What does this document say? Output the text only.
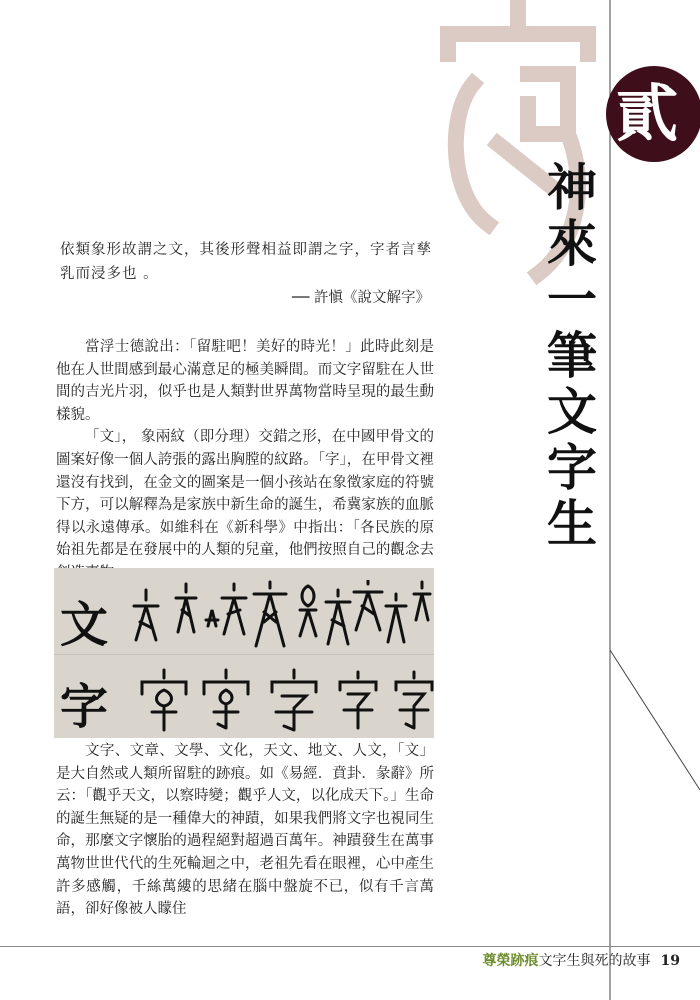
貳
神
來
一
筆
文
字
生
依類象形故謂之文，其後形聲相益即謂之字，字者言孳乳而浸多也 。
── 許愼《說文解字》

當浮士德說出：「留駐吧！美好的時光！」此時此刻是他在人世間感到最心滿意足的極美瞬間。而文字留駐在人世間的吉光片羽，似乎也是人類對世界萬物當時呈現的最生動樣貌。

「文」， 象兩紋（即分理）交錯之形，在中國甲骨文的圖案好像一個人誇張的露出胸膛的紋路。「字」，在甲骨文裡還沒有找到，在金文的圖案是一個小孩站在象徵家庭的符號下方，可以解釋為是家族中新生命的誕生，希冀家族的血脈得以永遠傳承。如維科在《新科學》中指出：「各民族的原始祖先都是在發展中的人類的兒童，他們按照自己的觀念去

文
字

文字、文章、文學、文化，天文、地文、人文，「文」是大自然或人類所留駐的跡痕。如《易經．賁卦．彖辭》所云：「觀乎天文，以察時變；觀乎人文，以化成天下。」生命的誕生無疑的是一種偉大的神蹟，如果我們將文字也視同生命，那麼文字懷胎的過程絕對超過百萬年。神蹟發生在萬事萬物世世代代的生死輪迴之中，老祖先看在眼裡，心中產生許多感觸，千絲萬縷的思緒在腦中盤旋不已，似有千言萬語，卻好像被人矇住

尊榮跡痕文字生與死的故事 19
